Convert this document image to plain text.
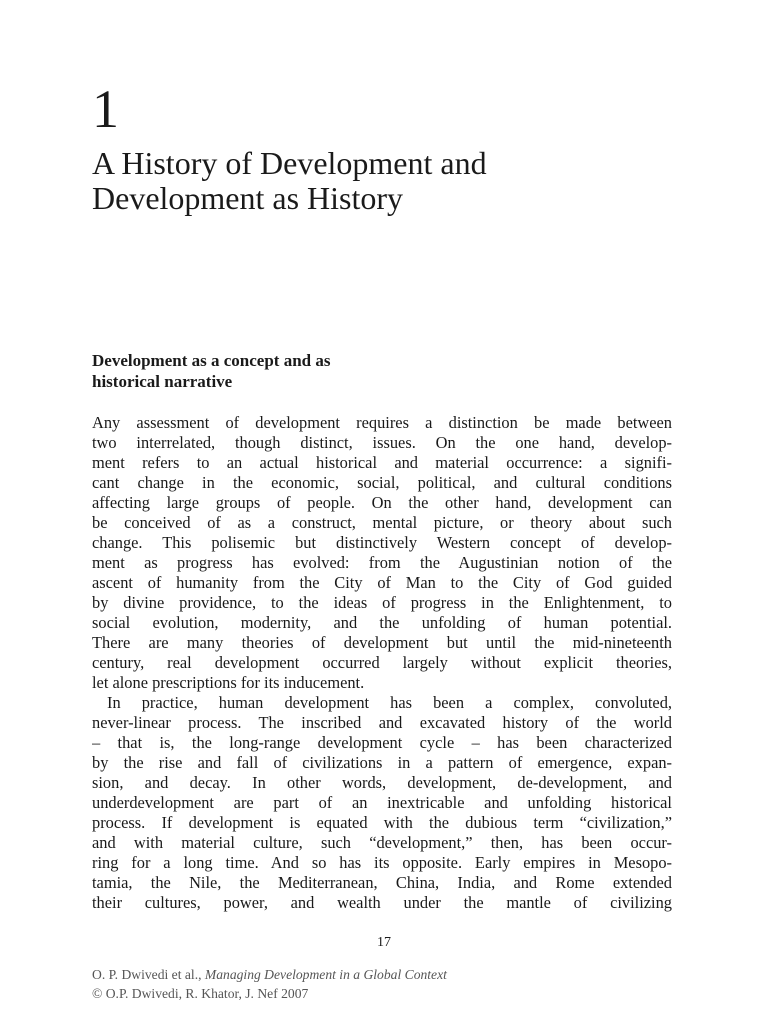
1
A History of Development and
Development as History
Development as a concept and as
historical narrative
Any assessment of development requires a distinction be made between
two interrelated, though distinct, issues. On the one hand, develop-
ment refers to an actual historical and material occurrence: a signifi-
cant change in the economic, social, political, and cultural conditions
affecting large groups of people. On the other hand, development can
be conceived of as a construct, mental picture, or theory about such
change. This polisemic but distinctively Western concept of develop-
ment as progress has evolved: from the Augustinian notion of the
ascent of humanity from the City of Man to the City of God guided
by divine providence, to the ideas of progress in the Enlightenment, to
social evolution, modernity, and the unfolding of human potential.
There are many theories of development but until the mid-nineteenth
century, real development occurred largely without explicit theories,
let alone prescriptions for its inducement.
In practice, human development has been a complex, convoluted,
never-linear process. The inscribed and excavated history of the world
– that is, the long-range development cycle – has been characterized
by the rise and fall of civilizations in a pattern of emergence, expan-
sion, and decay. In other words, development, de-development, and
underdevelopment are part of an inextricable and unfolding historical
process. If development is equated with the dubious term “civilization,”
and with material culture, such “development,” then, has been occur-
ring for a long time. And so has its opposite. Early empires in Mesopo-
tamia, the Nile, the Mediterranean, China, India, and Rome extended
their cultures, power, and wealth under the mantle of civilizing
17
O. P. Dwivedi et al., Managing Development in a Global Context
© O.P. Dwivedi, R. Khator, J. Nef 2007
